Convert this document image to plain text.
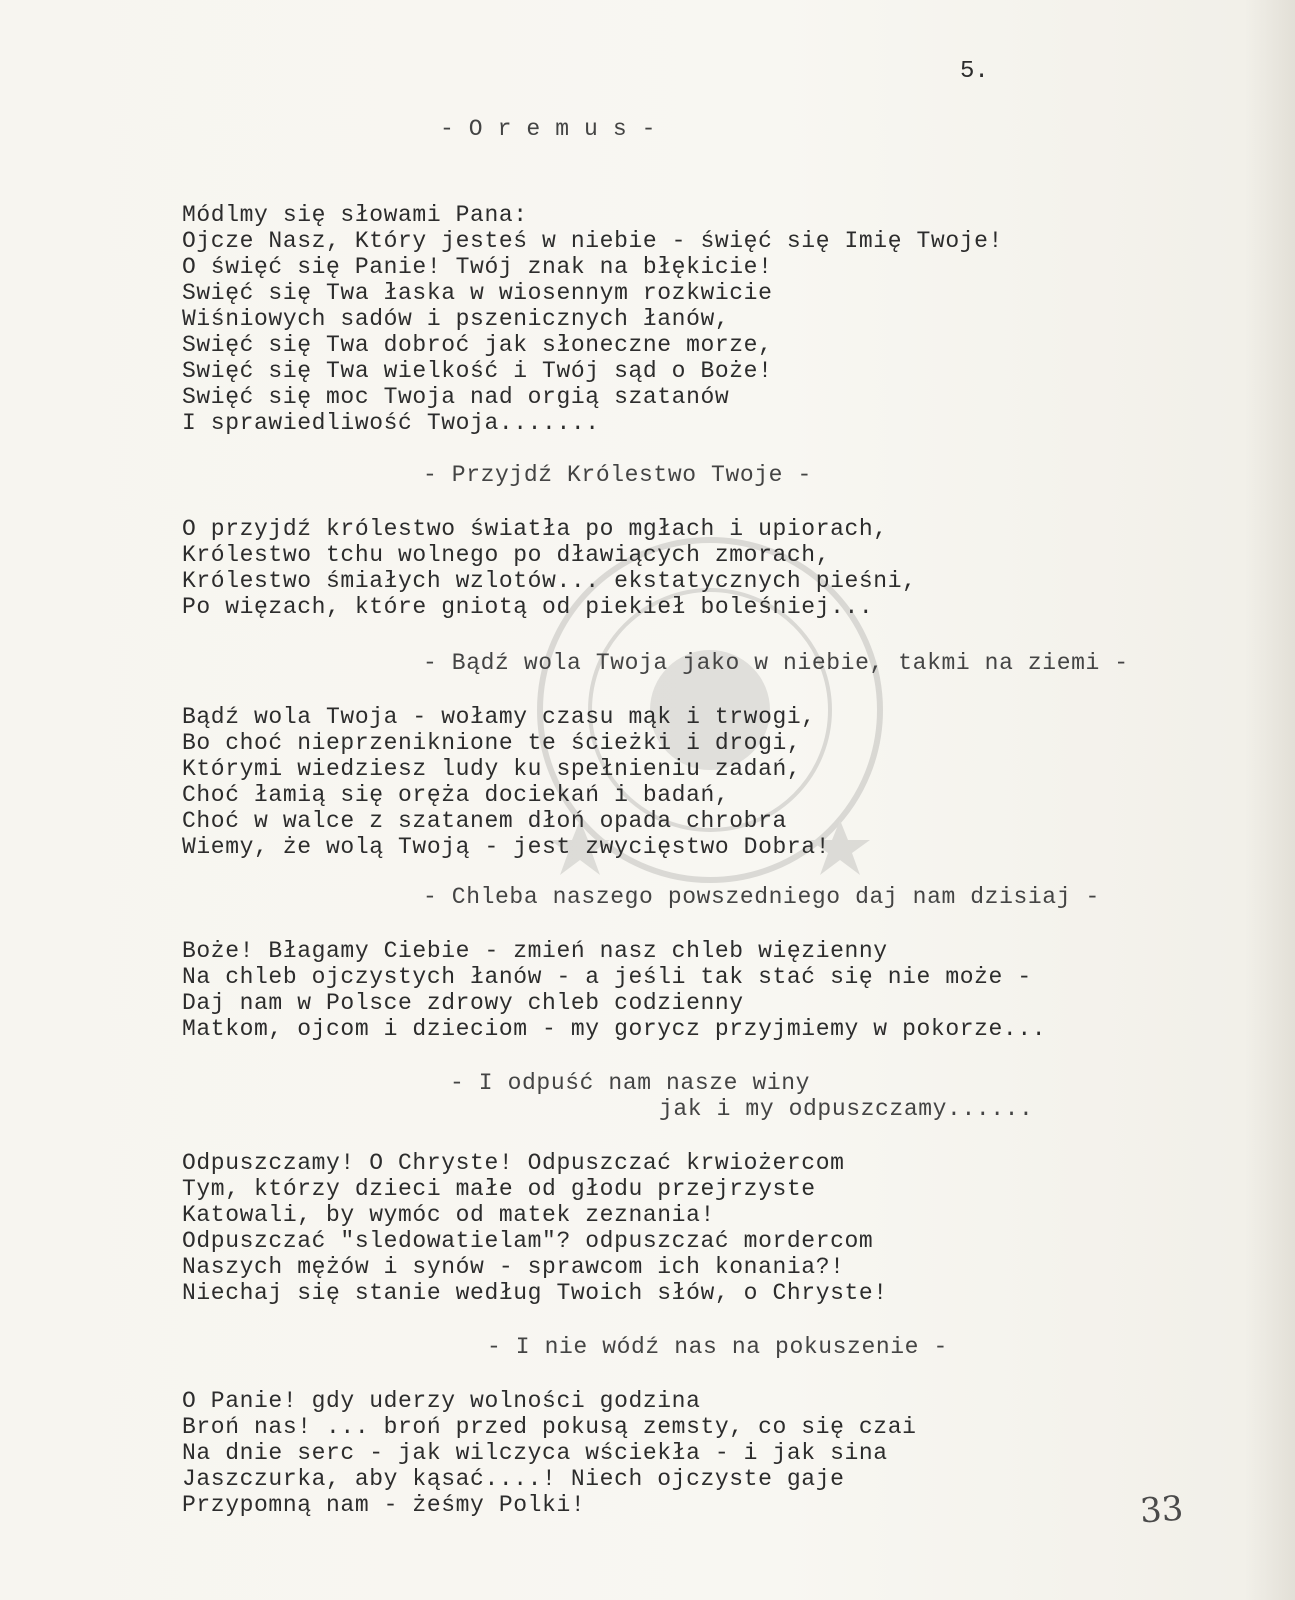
5.
- O r e m u s -
Módlmy się słowami Pana:
Ojcze Nasz, Który jesteś w niebie - święć się Imię Twoje!
O święć się Panie! Twój znak na błękicie!
Swięć się Twa łaska w wiosennym rozkwicie
Wiśniowych sadów i pszenicznych łanów,
Swięć się Twa dobroć jak słoneczne morze,
Swięć się Twa wielkość i Twój sąd o Boże!
Swięć się moc Twoja nad orgią szatanów
I sprawiedliwość Twoja.......
- Przyjdź Królestwo Twoje -
O przyjdź królestwo światła po mgłach i upiorach,
Królestwo tchu wolnego po dławiących zmorach,
Królestwo śmiałych wzlotów... ekstatycznych pieśni,
Po więzach, które gniotą od piekieł boleśniej...
- Bądź wola Twoja jako w niebie, takmi na ziemi -
Bądź wola Twoja - wołamy czasu mąk i trwogi,
Bo choć nieprzeniknione te ścieżki i drogi,
Którymi wiedziesz ludy ku spełnieniu zadań,
Choć łamią się oręża dociekań i badań,
Choć w walce z szatanem dłoń opada chrobra
Wiemy, że wolą Twoją - jest zwycięstwo Dobra!
- Chleba naszego powszedniego daj nam dzisiaj -
Boże! Błagamy Ciebie - zmień nasz chleb więzienny
Na chleb ojczystych łanów - a jeśli tak stać się nie może -
Daj nam w Polsce zdrowy chleb codzienny
Matkom, ojcom i dzieciom - my gorycz przyjmiemy w pokorze...
- I odpuść nam nasze winy
jak i my odpuszczamy......
Odpuszczamy! O Chryste! Odpuszczać krwiożercom
Tym, którzy dzieci małe od głodu przejrzyste
Katowali, by wymóc od matek zeznania!
Odpuszczać "sledowatielam"? odpuszczać mordercom
Naszych mężów i synów - sprawcom ich konania?!
Niechaj się stanie według Twoich słów, o Chryste!
- I nie wódź nas na pokuszenie -
O Panie! gdy uderzy wolności godzina
Broń nas! ... broń przed pokusą zemsty, co się czai
Na dnie serc - jak wilczyca wściekła - i jak sina
Jaszczurka, aby kąsać....! Niech ojczyste gaje
Przypomną nam - żeśmy Polki!	33
